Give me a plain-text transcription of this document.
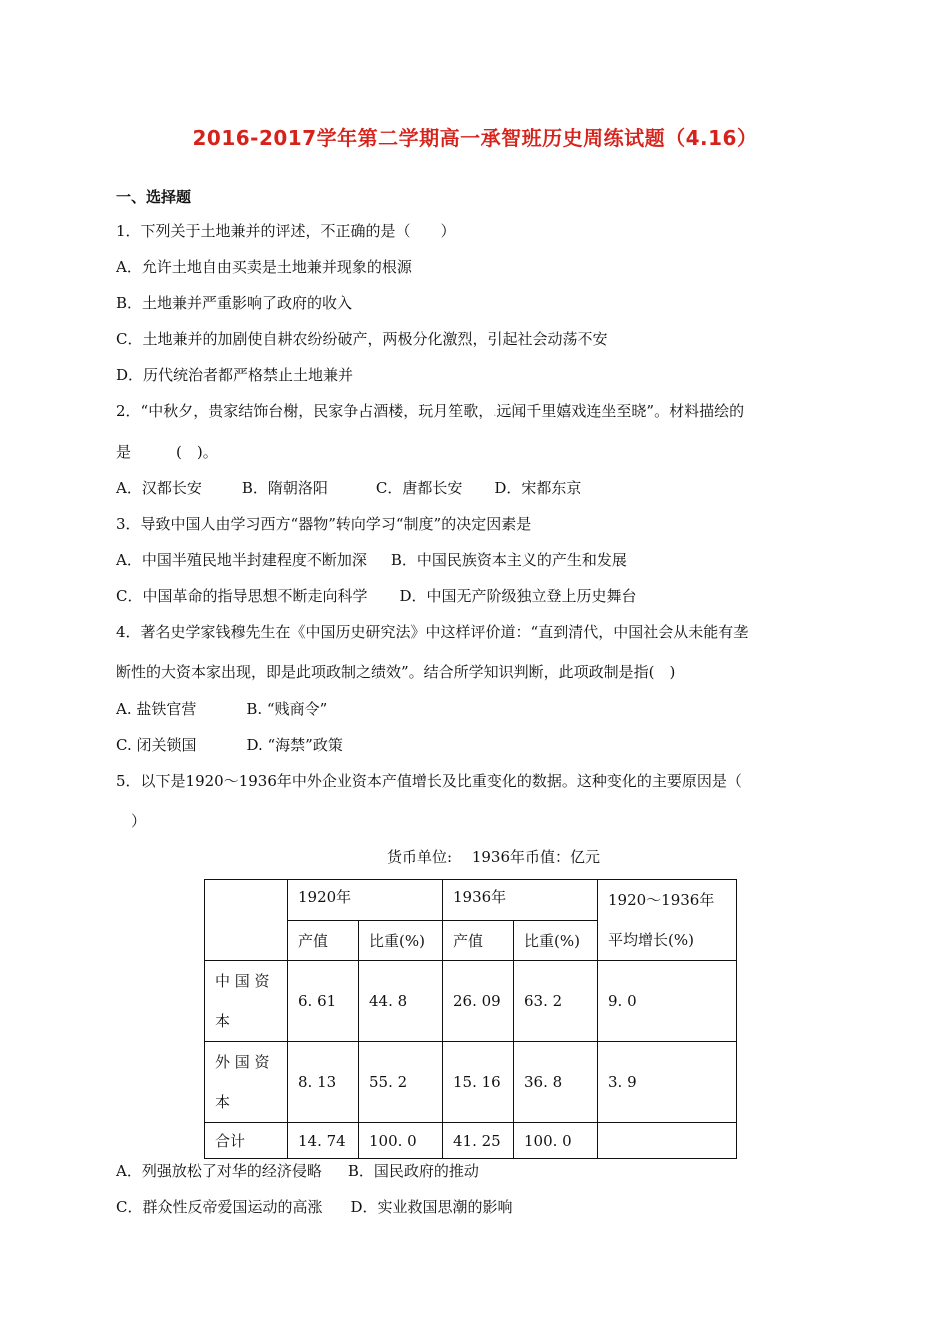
2016-2017学年第二学期高一承智班历史周练试题（4.16）
一、选择题
1．下列关于土地兼并的评述，不正确的是（　　）
A．允许土地自由买卖是土地兼并现象的根源
B．土地兼并严重影响了政府的收入
C．土地兼并的加剧使自耕农纷纷破产，两极分化激烈，引起社会动荡不安
D．历代统治者都严格禁止土地兼并
2．“中秋夕，贵家结饰台榭，民家争占酒楼，玩月笙歌，.远闻千里嬉戏连坐至晓”。材料描绘的
是　　　(　)。
A．汉都长安	B．隋朝洛阳	C．唐都长安 D．宋都东京
3．导致中国人由学习西方“器物”转向学习“制度”的决定因素是
A．中国半殖民地半封建程度不断加深 B．中国民族资本主义的产生和发展
C．中国革命的指导思想不断走向科学 D．中国无产阶级独立登上历史舞台
4．著名史学家钱穆先生在《中国历史研究法》中这样评价道：“直到清代，中国社会从未能有垄
断性的大资本家出现，即是此项政制之绩效”。结合所学知识判断，此项政制是指(　)
A. 盐铁官营	B. “贱商令”
C. 闭关锁国	D. “海禁”政策
5．以下是1920～1936年中外企业资本产值增长及比重变化的数据。这种变化的主要原因是（
　）
货币单位:　 1936年币值：亿元
	1920年		1936年		1920～1936年
平均增长(%)

	产值	比重(%)	产值	比重(%)	

中 国 资
本	6. 61	44. 8	26. 09	63. 2	9. 0

外 国 资
本	8. 13	55. 2	15. 16	36. 8	3. 9
合计	14. 74	100. 0	41. 25	100. 0	
A．列强放松了对华的经济侵略 B．国民政府的推动
C．群众性反帝爱国运动的高涨 D．实业救国思潮的影响
